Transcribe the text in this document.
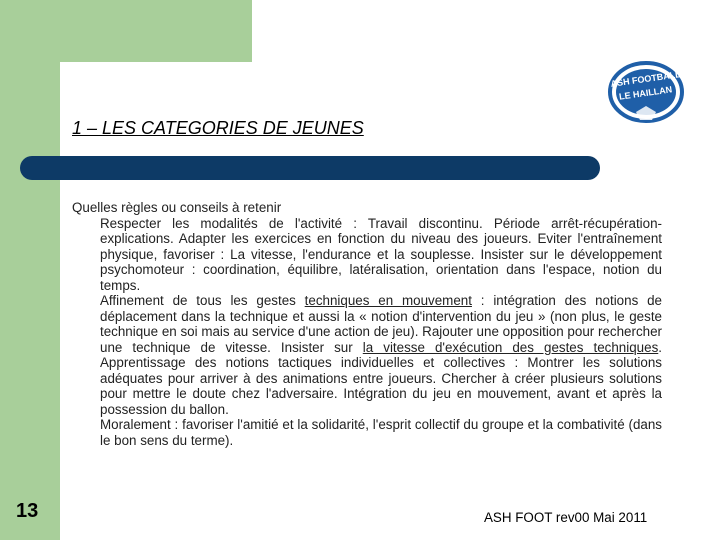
1 – LES CATEGORIES DE JEUNES
ASH FOOTBALL
LE HAILLAN

Quelles règles ou conseils à retenir

Respecter les modalités de l'activité : Travail discontinu. Période arrêt-récupération-explications. Adapter les exercices en fonction du niveau des joueurs. Eviter l'entraînement physique, favoriser : La vitesse, l'endurance et la souplesse. Insister sur le développement psychomoteur : coordination, équilibre, latéralisation, orientation dans l'espace, notion du temps.

Affinement de tous les gestes techniques en mouvement : intégration des notions de déplacement dans la technique et aussi la « notion d'intervention du jeu » (non plus, le geste technique en soi mais au service d'une action de jeu). Rajouter une opposition pour rechercher une technique de vitesse. Insister sur la vitesse d'exécution des gestes techniques. Apprentissage des notions tactiques individuelles et collectives : Montrer les solutions adéquates pour arriver à des animations entre joueurs. Chercher à créer plusieurs solutions pour mettre le doute chez l'adversaire. Intégration du jeu en mouvement, avant et après la possession du ballon.

Moralement : favoriser l'amitié et la solidarité, l'esprit collectif du groupe et la combativité (dans le bon sens du terme).

13	ASH FOOT rev00 Mai 2011
